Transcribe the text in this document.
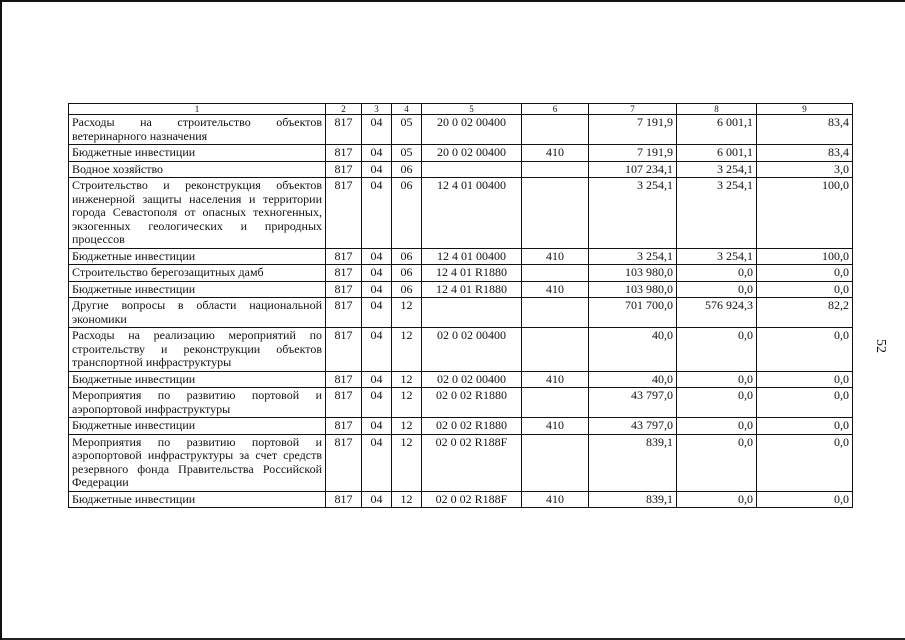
1	2	3	4	5	6	7	8	9
Расходы на строительство объектов ветеринарного назначения	817	04	05	20 0 02 00400		7 191,9	6 001,1	83,4
Бюджетные инвестиции	817	04	05	20 0 02 00400	410	7 191,9	6 001,1	83,4
Водное хозяйство	817	04	06			107 234,1	3 254,1	3,0
Строительство и реконструкция объектов инженерной защиты населения и территории города Севастополя от опасных техногенных, экзогенных геологических и природных процессов	817	04	06	12 4 01 00400		3 254,1	3 254,1	100,0
Бюджетные инвестиции	817	04	06	12 4 01 00400	410	3 254,1	3 254,1	100,0
Строительство берегозащитных дамб	817	04	06	12 4 01 R1880		103 980,0	0,0	0,0
Бюджетные инвестиции	817	04	06	12 4 01 R1880	410	103 980,0	0,0	0,0
Другие вопросы в области национальной экономики	817	04	12			701 700,0	576 924,3	82,2
Расходы на реализацию мероприятий по строительству и реконструкции объектов транспортной инфраструктуры	817	04	12	02 0 02 00400		40,0	0,0	0,0
Бюджетные инвестиции	817	04	12	02 0 02 00400	410	40,0	0,0	0,0
Мероприятия по развитию портовой и аэропортовой инфраструктуры	817	04	12	02 0 02 R1880		43 797,0	0,0	0,0
Бюджетные инвестиции	817	04	12	02 0 02 R1880	410	43 797,0	0,0	0,0
Мероприятия по развитию портовой и аэропортовой инфраструктуры за счет средств резервного фонда Правительства Российской Федерации	817	04	12	02 0 02 R188F		839,1	0,0	0,0
Бюджетные инвестиции	817	04	12	02 0 02 R188F	410	839,1	0,0	0,0
52
